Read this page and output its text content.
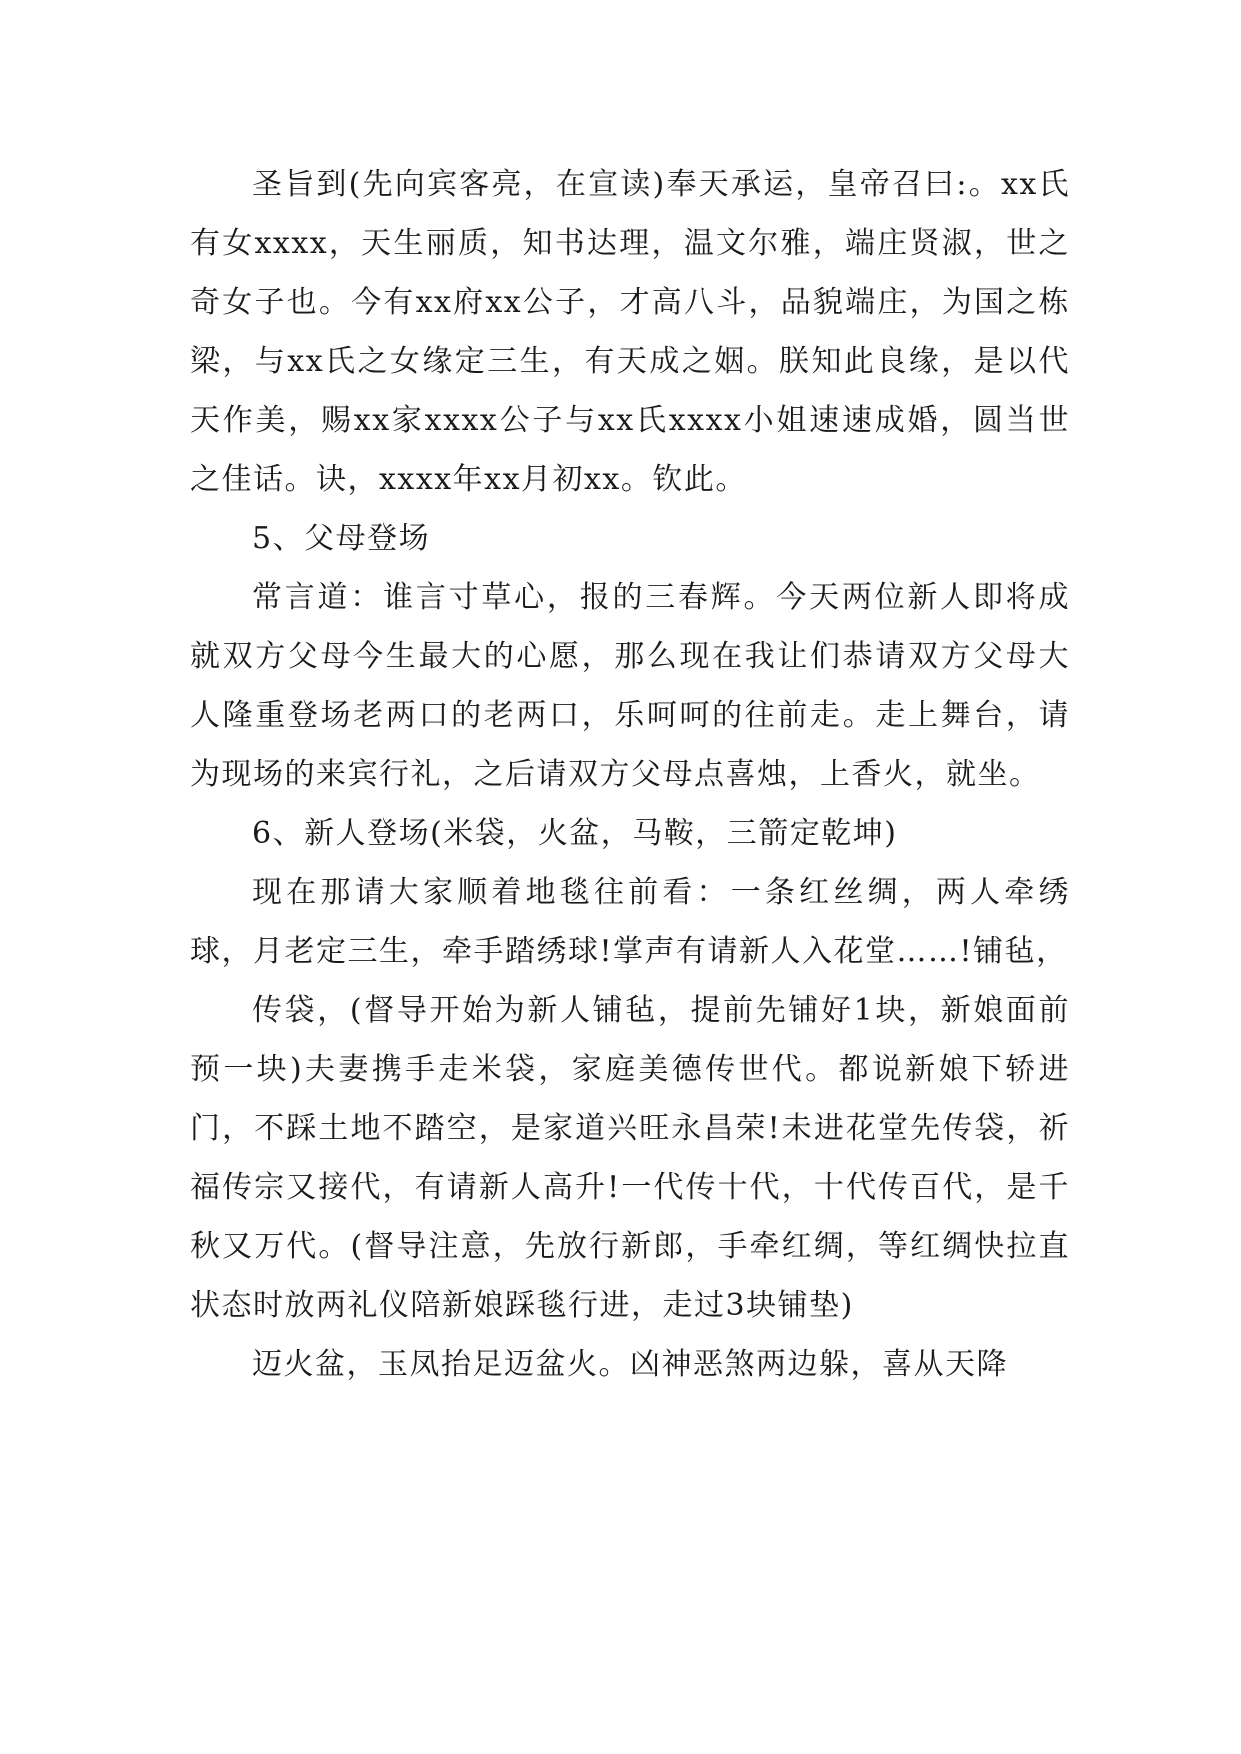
圣旨到(先向宾客亮，在宣读)奉天承运，皇帝召曰:。xx氏有女xxxx，天生丽质，知书达理，温文尔雅，端庄贤淑，世之奇女子也。今有xx府xx公子，才高八斗，品貌端庄，为国之栋梁，与xx氏之女缘定三生，有天成之姻。朕知此良缘，是以代天作美，赐xx家xxxx公子与xx氏xxxx小姐速速成婚，圆当世之佳话。诀，xxxx年xx月初xx。钦此。

5、父母登场

常言道：谁言寸草心，报的三春辉。今天两位新人即将成就双方父母今生最大的心愿，那么现在我让们恭请双方父母大人隆重登场老两口的老两口，乐呵呵的往前走。走上舞台，请为现场的来宾行礼，之后请双方父母点喜烛，上香火，就坐。

6、新人登场(米袋，火盆，马鞍，三箭定乾坤)

现在那请大家顺着地毯往前看：一条红丝绸，两人牵绣球，月老定三生，牵手踏绣球!掌声有请新人入花堂……!铺毡，

传袋，(督导开始为新人铺毡，提前先铺好1块，新娘面前预一块)夫妻携手走米袋，家庭美德传世代。都说新娘下轿进门，不踩土地不踏空，是家道兴旺永昌荣!未进花堂先传袋，祈福传宗又接代，有请新人高升!一代传十代，十代传百代，是千秋又万代。(督导注意，先放行新郎，手牵红绸，等红绸快拉直状态时放两礼仪陪新娘踩毯行进，走过3块铺垫)

迈火盆，玉凤抬足迈盆火。凶神恶煞两边躲，喜从天降
